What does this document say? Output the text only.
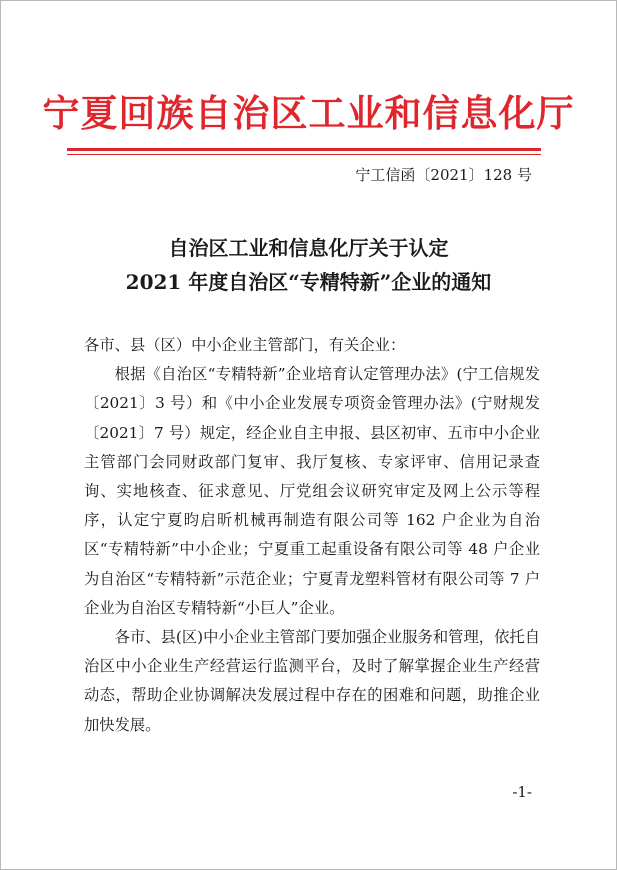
宁夏回族自治区工业和信息化厅
宁工信函〔2021〕128 号
自治区工业和信息化厅关于认定
2021 年度自治区“专精特新”企业的通知

各市、县（区）中小企业主管部门，有关企业：

根据《自治区“专精特新”企业培育认定管理办法》(宁工信规发〔2021〕3 号）和《中小企业发展专项资金管理办法》(宁财规发〔2021〕7 号）规定，经企业自主申报、县区初审、五市中小企业主管部门会同财政部门复审、我厅复核、专家评审、信用记录查询、实地核查、征求意见、厅党组会议研究审定及网上公示等程序，认定宁夏昀启昕机械再制造有限公司等 162 户企业为自治区“专精特新”中小企业；宁夏重工起重设备有限公司等 48 户企业为自治区“专精特新”示范企业；宁夏青龙塑料管材有限公司等 7 户企业为自治区专精特新“小巨人”企业。

各市、县(区)中小企业主管部门要加强企业服务和管理，依托自治区中小企业生产经营运行监测平台，及时了解掌握企业生产经营动态，帮助企业协调解决发展过程中存在的困难和问题，助推企业加快发展。

-1-
